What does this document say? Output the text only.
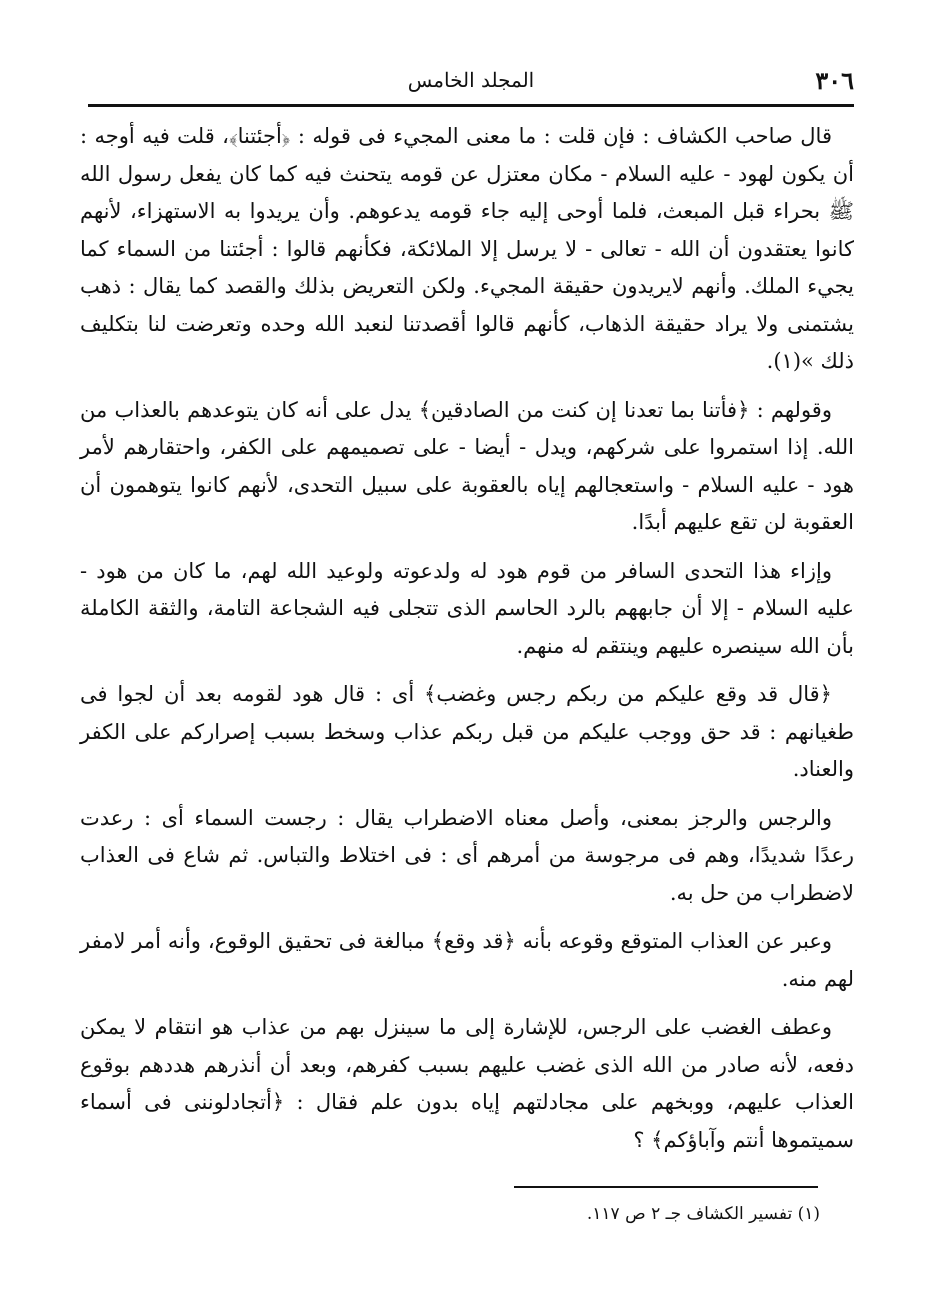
٣٠٦
المجلد الخامس

قال صاحب الكشاف : فإن قلت : ما معنى المجيء فى قوله : ﴿أجئتنا﴾، قلت فيه أوجه : أن يكون لهود - عليه السلام - مكان معتزل عن قومه يتحنث فيه كما كان يفعل رسول الله ﷺ بحراء قبل المبعث، فلما أوحى إليه جاء قومه يدعوهم. وأن يريدوا به الاستهزاء، لأنهم كانوا يعتقدون أن الله - تعالى - لا يرسل إلا الملائكة، فكأنهم قالوا : أجئتنا من السماء كما يجيء الملك. وأنهم لايريدون حقيقة المجيء. ولكن التعريض بذلك والقصد كما يقال : ذهب يشتمنى ولا يراد حقيقة الذهاب، كأنهم قالوا أقصدتنا لنعبد الله وحده وتعرضت لنا بتكليف ذلك »(١).

وقولهم : ﴿فأتنا بما تعدنا إن كنت من الصادقين﴾ يدل على أنه كان يتوعدهم بالعذاب من الله. إذا استمروا على شركهم، ويدل - أيضا - على تصميمهم على الكفر، واحتقارهم لأمر هود - عليه السلام - واستعجالهم إياه بالعقوبة على سبيل التحدى، لأنهم كانوا يتوهمون أن العقوبة لن تقع عليهم أبدًا.

وإزاء هذا التحدى السافر من قوم هود له ولدعوته ولوعيد الله لهم، ما كان من هود - عليه السلام - إلا أن جابههم بالرد الحاسم الذى تتجلى فيه الشجاعة التامة، والثقة الكاملة بأن الله سينصره عليهم وينتقم له منهم.

﴿قال قد وقع عليكم من ربكم رجس وغضب﴾ أى : قال هود لقومه بعد أن لجوا فى طغيانهم : قد حق ووجب عليكم من قبل ربكم عذاب وسخط بسبب إصراركم على الكفر والعناد.

والرجس والرجز بمعنى، وأصل معناه الاضطراب يقال : رجست السماء أى : رعدت رعدًا شديدًا، وهم فى مرجوسة من أمرهم أى : فى اختلاط والتباس. ثم شاع فى العذاب لاضطراب من حل به.

وعبر عن العذاب المتوقع وقوعه بأنه ﴿قد وقع﴾ مبالغة فى تحقيق الوقوع، وأنه أمر لامفر لهم منه.

وعطف الغضب على الرجس، للإشارة إلى ما سينزل بهم من عذاب هو انتقام لا يمكن دفعه، لأنه صادر من الله الذى غضب عليهم بسبب كفرهم، وبعد أن أنذرهم هددهم بوقوع العذاب عليهم، ووبخهم على مجادلتهم إياه بدون علم فقال : ﴿أتجادلوننى فى أسماء سميتموها أنتم وآباؤكم﴾ ؟

(١) تفسير الكشاف جـ ٢ ص ١١٧.
